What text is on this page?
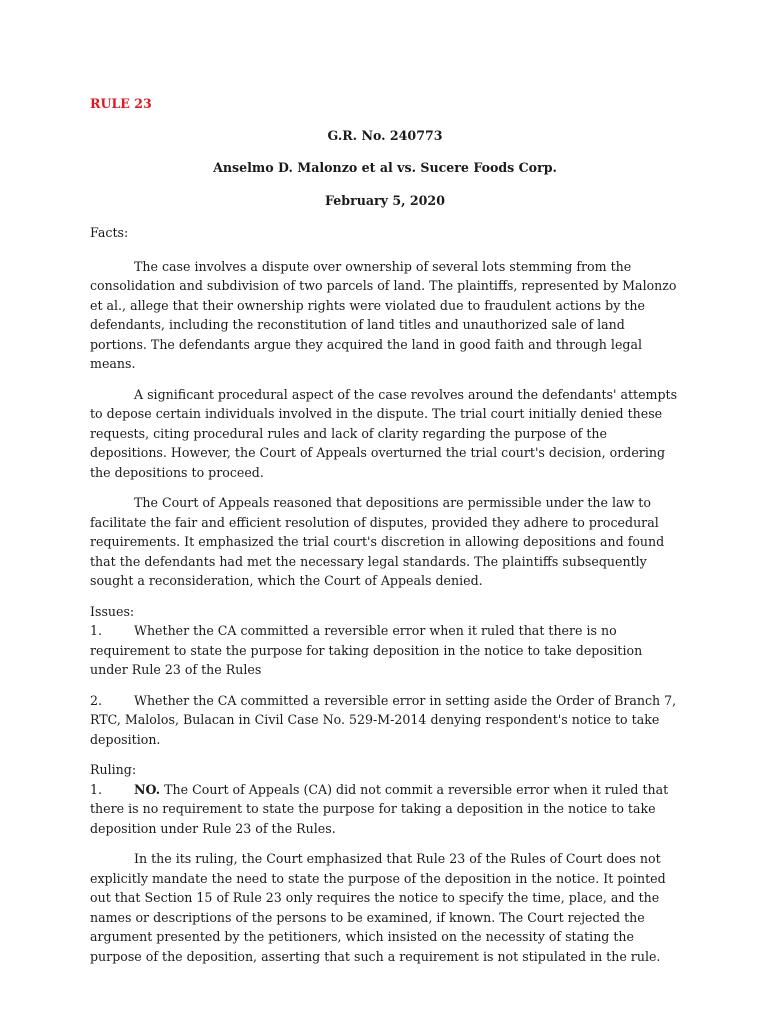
RULE 23

G.R. No. 240773

Anselmo D. Malonzo et al vs. Sucere Foods Corp.

February 5, 2020

Facts:

The case involves a dispute over ownership of several lots stemming from the consolidation and subdivision of two parcels of land. The plaintiffs, represented by Malonzo et al., allege that their ownership rights were violated due to fraudulent actions by the defendants, including the reconstitution of land titles and unauthorized sale of land portions. The defendants argue they acquired the land in good faith and through legal means.

A significant procedural aspect of the case revolves around the defendants' attempts to depose certain individuals involved in the dispute. The trial court initially denied these requests, citing procedural rules and lack of clarity regarding the purpose of the depositions. However, the Court of Appeals overturned the trial court's decision, ordering the depositions to proceed.

The Court of Appeals reasoned that depositions are permissible under the law to facilitate the fair and efficient resolution of disputes, provided they adhere to procedural requirements. It emphasized the trial court's discretion in allowing depositions and found that the defendants had met the necessary legal standards. The plaintiffs subsequently sought a reconsideration, which the Court of Appeals denied.

Issues:

1.	Whether the CA committed a reversible error when it ruled that there is no requirement to state the purpose for taking deposition in the notice to take deposition under Rule 23 of the Rules

2.	Whether the CA committed a reversible error in setting aside the Order of Branch 7, RTC, Malolos, Bulacan in Civil Case No. 529-M-2014 denying respondent's notice to take deposition.

Ruling:

1.	NO. The Court of Appeals (CA) did not commit a reversible error when it ruled that there is no requirement to state the purpose for taking a deposition in the notice to take deposition under Rule 23 of the Rules.

In the its ruling, the Court emphasized that Rule 23 of the Rules of Court does not explicitly mandate the need to state the purpose of the deposition in the notice. It pointed out that Section 15 of Rule 23 only requires the notice to specify the time, place, and the names or descriptions of the persons to be examined, if known. The Court rejected the argument presented by the petitioners, which insisted on the necessity of stating the purpose of the deposition, asserting that such a requirement is not stipulated in the rule.
